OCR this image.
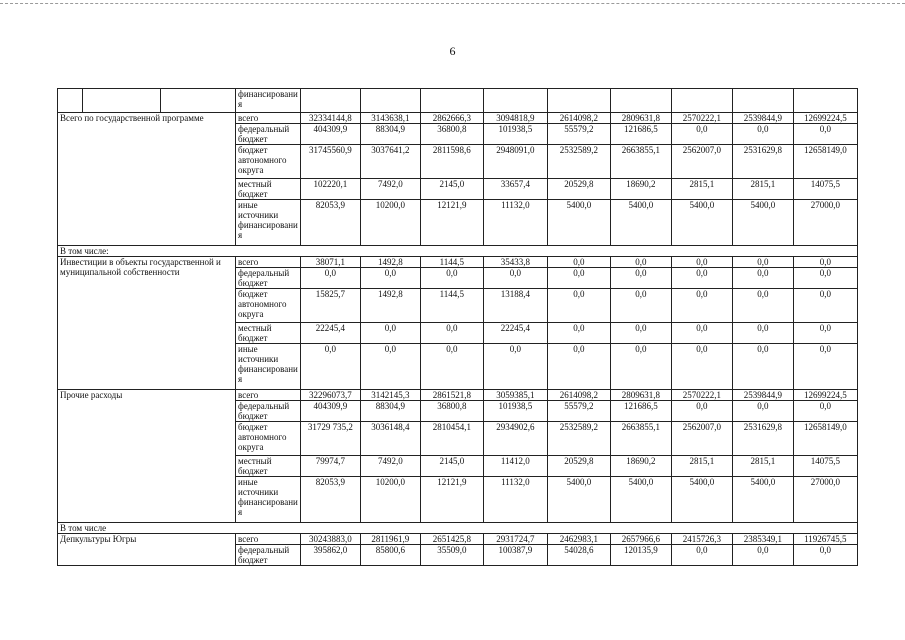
6
			финансировани я									
Всего по государственной программе			всего	32334144,8	3143638,1	2862666,3	3094818,9	2614098,2	2809631,8	2570222,1	2539844,9	12699224,5
			федеральный бюджет	404309,9	88304,9	36800,8	101938,5	55579,2	121686,5	0,0	0,0	0,0
			бюджет автономного округа	31745560,9	3037641,2	2811598,6	2948091,0	2532589,2	2663855,1	2562007,0	2531629,8	12658149,0
			местный бюджет	102220,1	7492,0	2145,0	33657,4	20529,8	18690,2	2815,1	2815,1	14075,5
			иные источники финансировани я	82053,9	10200,0	12121,9	11132,0	5400,0	5400,0	5400,0	5400,0	27000,0
В том числе:												
Инвестиции в объекты государственной и муниципальной собственности			всего	38071,1	1492,8	1144,5	35433,8	0,0	0,0	0,0	0,0	0,0
			федеральный бюджет	0,0	0,0	0,0	0,0	0,0	0,0	0,0	0,0	0,0
			бюджет автономного округа	15825,7	1492,8	1144,5	13188,4	0,0	0,0	0,0	0,0	0,0
			местный бюджет	22245,4	0,0	0,0	22245,4	0,0	0,0	0,0	0,0	0,0
			иные источники финансировани я	0,0	0,0	0,0	0,0	0,0	0,0	0,0	0,0	0,0
Прочие расходы			всего	32296073,7	3142145,3	2861521,8	3059385,1	2614098,2	2809631,8	2570222,1	2539844,9	12699224,5
			федеральный бюджет	404309,9	88304,9	36800,8	101938,5	55579,2	121686,5	0,0	0,0	0,0
			бюджет автономного округа	31729 735,2	3036148,4	2810454,1	2934902,6	2532589,2	2663855,1	2562007,0	2531629,8	12658149,0
			местный бюджет	79974,7	7492,0	2145,0	11412,0	20529,8	18690,2	2815,1	2815,1	14075,5
			иные источники финансировани я	82053,9	10200,0	12121,9	11132,0	5400,0	5400,0	5400,0	5400,0	27000,0
В том числе												
Депкультуры Югры			всего	30243883,0	2811961,9	2651425,8	2931724,7	2462983,1	2657966,6	2415726,3	2385349,1	11926745,5
			федеральный бюджет	395862,0	85800,6	35509,0	100387,9	54028,6	120135,9	0,0	0,0	0,0
